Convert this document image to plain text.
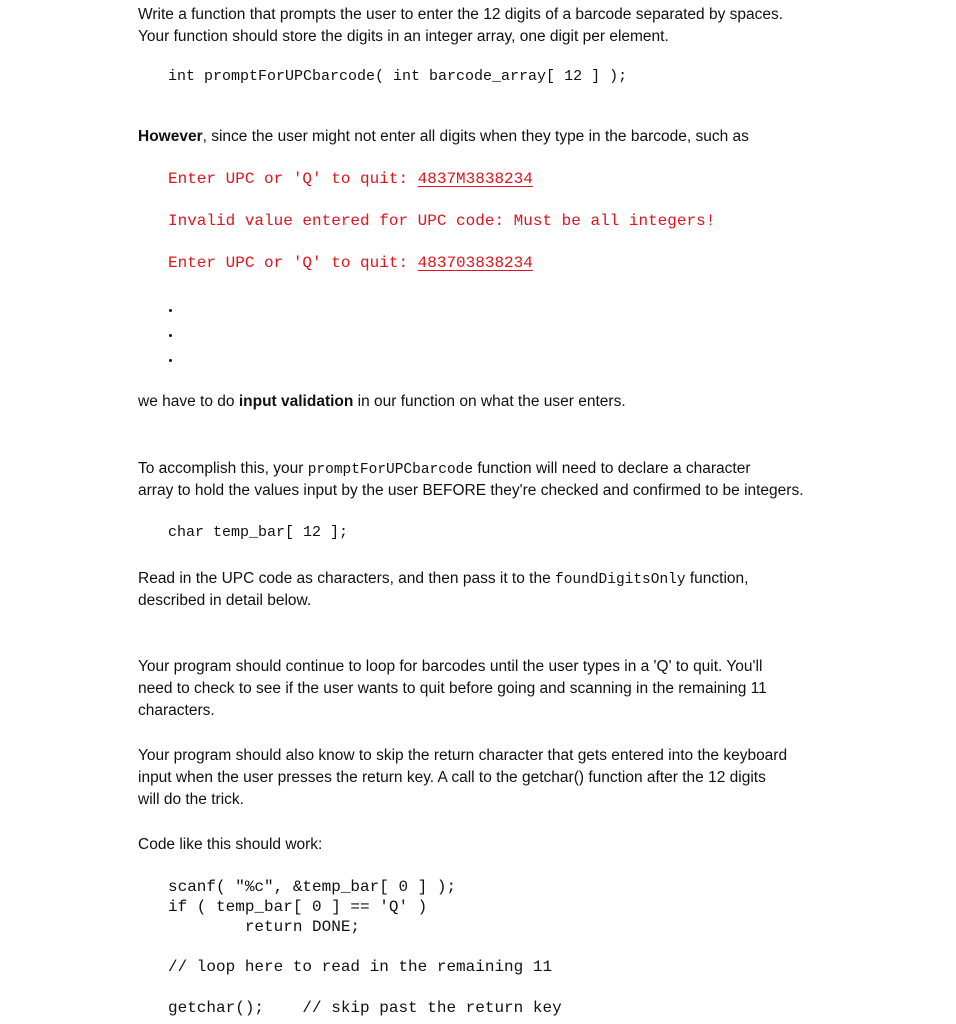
Write a function that prompts the user to enter the 12 digits of a barcode separated by spaces.

Your function should store the digits in an integer array, one digit per element.

int promptForUPCbarcode( int barcode_array[ 12 ] );

However, since the user might not enter all digits when they type in the barcode, such as

Enter UPC or 'Q' to quit: 4837M3838234

Invalid value entered for UPC code: Must be all integers!

Enter UPC or 'Q' to quit: 483703838234

we have to do input validation in our function on what the user enters.

To accomplish this, your promptForUPCbarcode function will need to declare a character

array to hold the values input by the user BEFORE they're checked and confirmed to be integers.

char temp_bar[ 12 ];

Read in the UPC code as characters, and then pass it to the foundDigitsOnly function,

described in detail below.

Your program should continue to loop for barcodes until the user types in a 'Q' to quit. You'll

need to check to see if the user wants to quit before going and scanning in the remaining 11

characters.

Your program should also know to skip the return character that gets entered into the keyboard

input when the user presses the return key. A call to the getchar() function after the 12 digits

will do the trick.

Code like this should work:

scanf( "%c", &temp_bar[ 0 ] );

if ( temp_bar[ 0 ] == 'Q' )

return DONE;

// loop here to read in the remaining 11

getchar();    // skip past the return key
